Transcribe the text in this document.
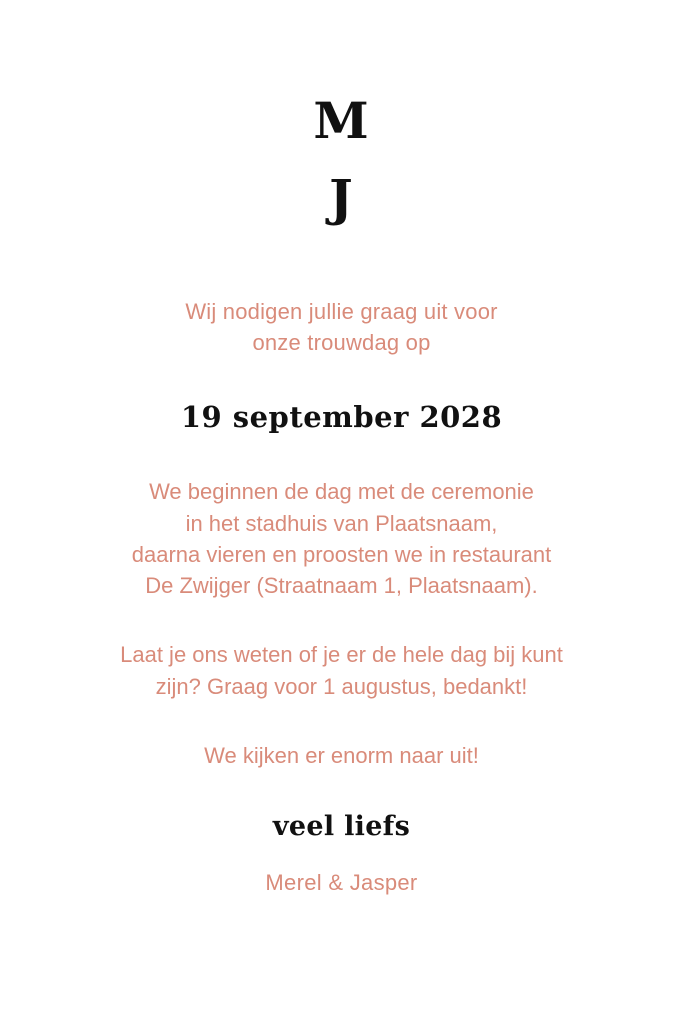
M
J
Wij nodigen jullie graag uit voor
onze trouwdag op
19 september 2028
We beginnen de dag met de ceremonie
in het stadhuis van Plaatsnaam,
daarna vieren en proosten we in restaurant
De Zwijger (Straatnaam 1, Plaatsnaam).
Laat je ons weten of je er de hele dag bij kunt
zijn? Graag voor 1 augustus, bedankt!
We kijken er enorm naar uit!
veel liefs
Merel & Jasper
